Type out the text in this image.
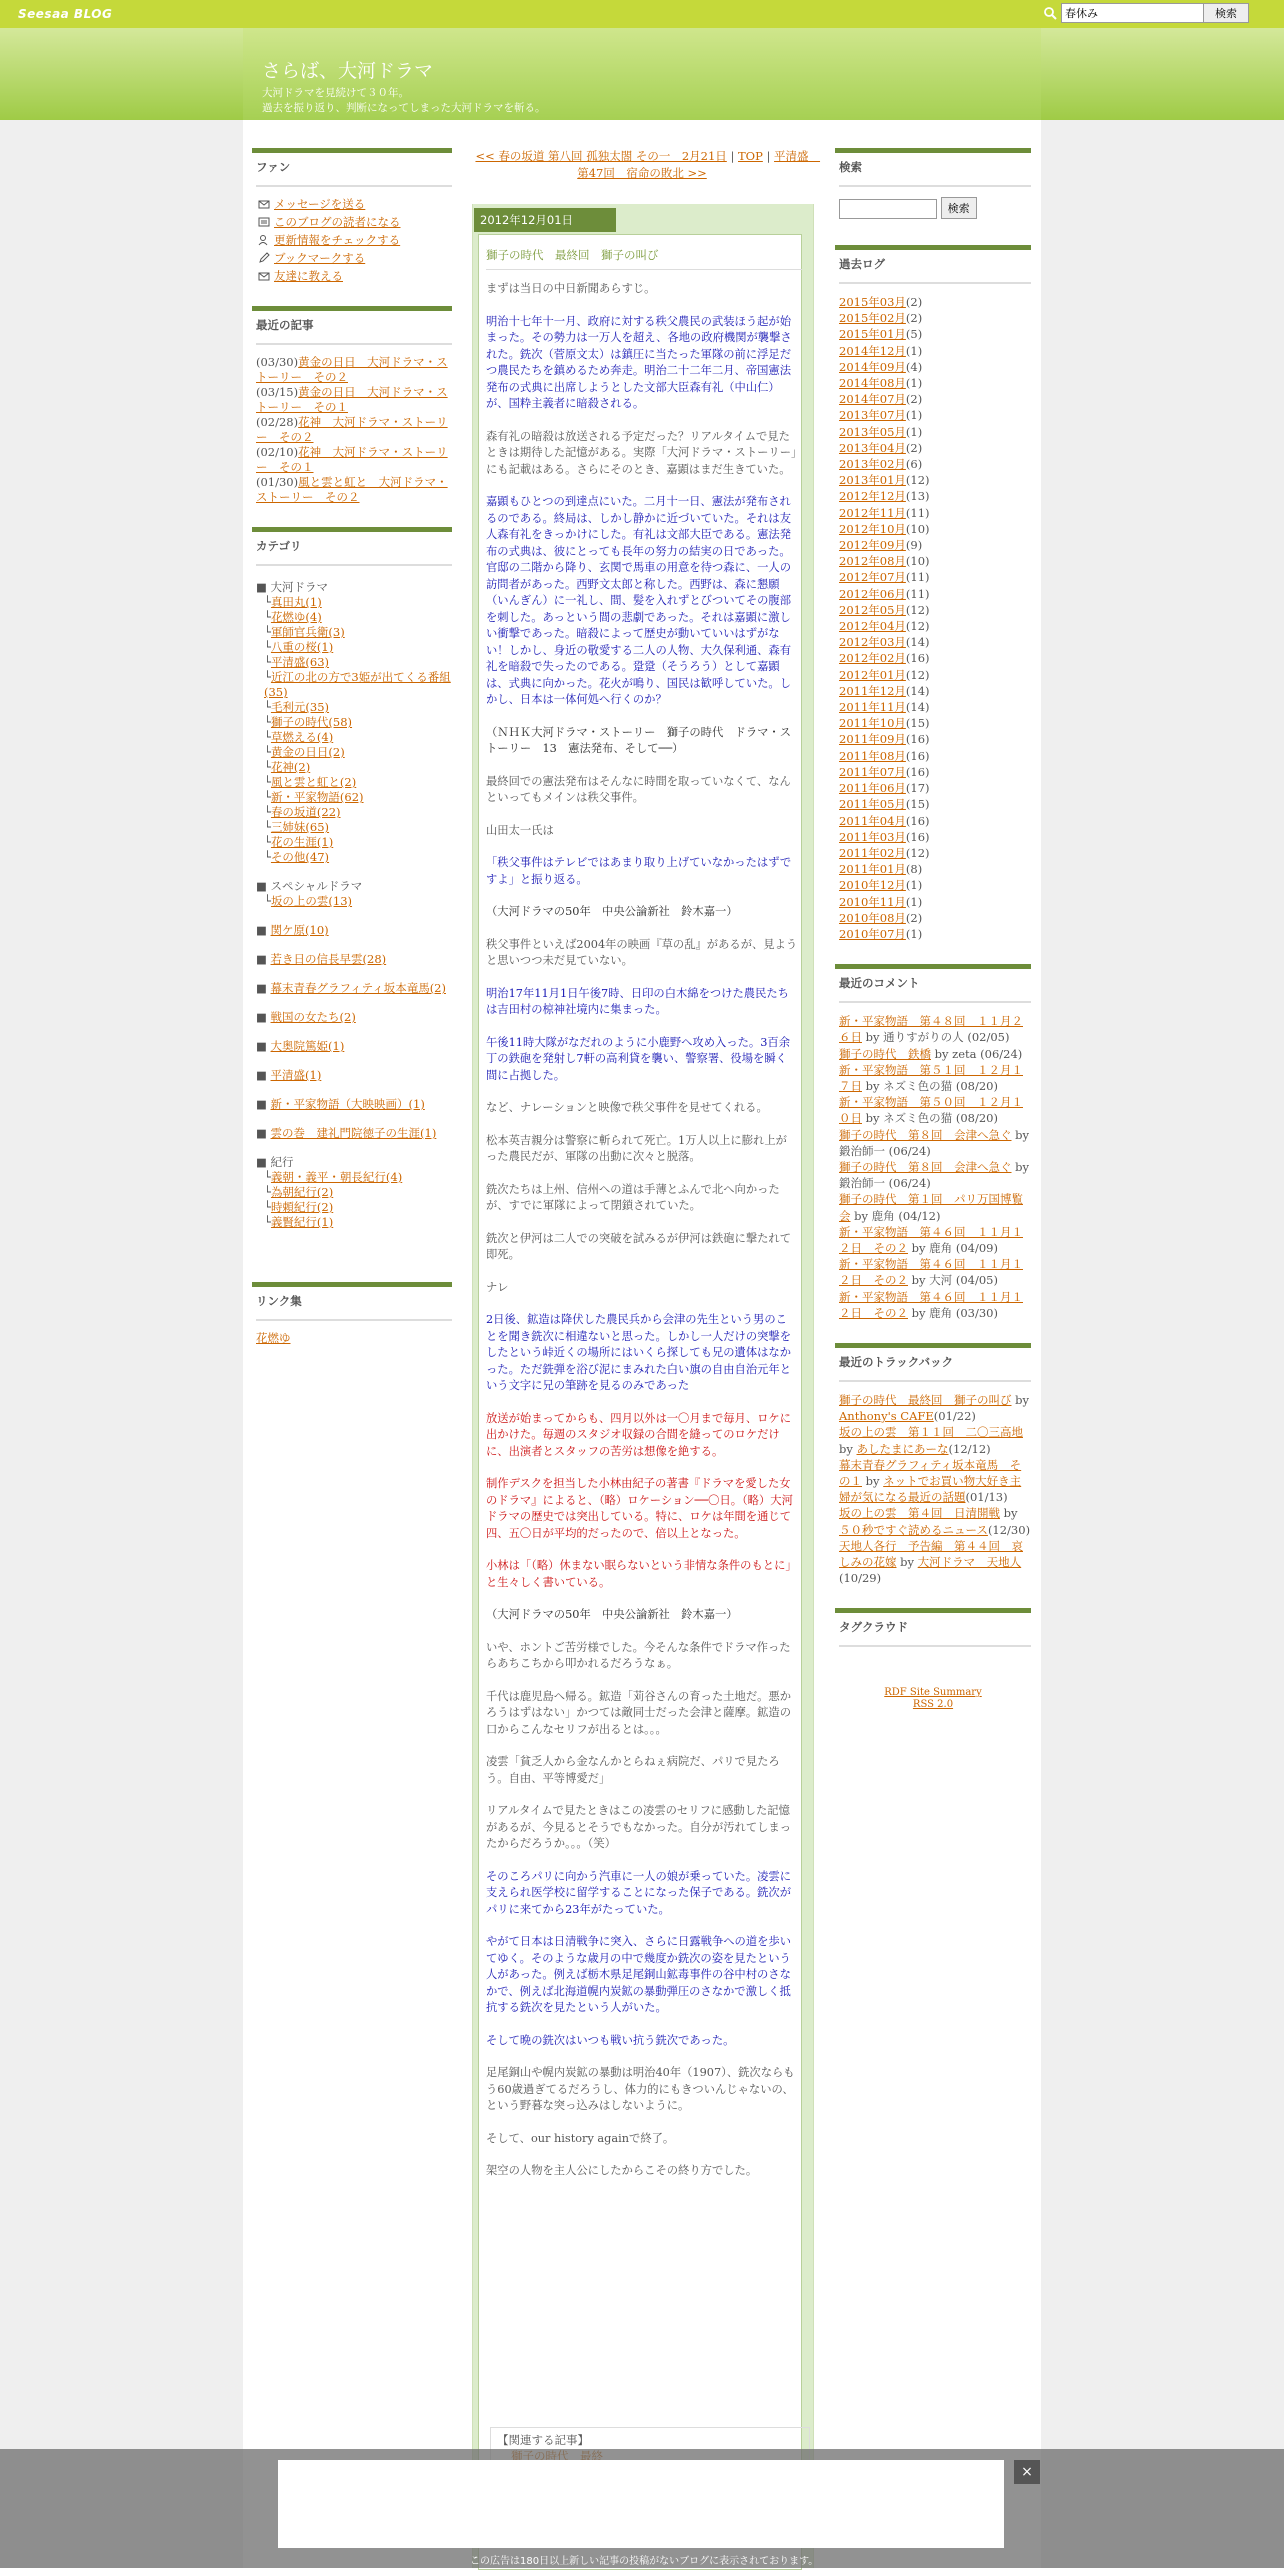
Seesaa BLOG
春休み	検索
さらば、大河ドラマ
大河ドラマを見続けて３０年。
過去を振り返り、判断になってしまった大河ドラマを斬る。
ファン
メッセージを送る
このブログの読者になる
更新情報をチェックする
ブックマークする
友達に教える
最近の記事
(03/30)黄金の日日　大河ドラマ・ストーリー　その２
(03/15)黄金の日日　大河ドラマ・ストーリー　その１
(02/28)花神　大河ドラマ・ストーリー　その２
(02/10)花神　大河ドラマ・ストーリー　その１
(01/30)風と雲と虹と　大河ドラマ・ストーリー　その２
カテゴリ
■ 大河ドラマ
└真田丸(1)
└花燃ゆ(4)
└軍師官兵衛(3)
└八重の桜(1)
└平清盛(63)
└近江の北の方で3姫が出てくる番組(35)
└毛利元(35)
└獅子の時代(58)
└草燃える(4)
└黄金の日日(2)
└花神(2)
└風と雲と虹と(2)
└新・平家物語(62)
└春の坂道(22)
└三姉妹(65)
└花の生涯(1)
└その他(47)
■ スペシャルドラマ
└坂の上の雲(13)
■ 関ケ原(10)
■ 若き日の信長早雲(28)
■ 幕末青春グラフィティ坂本竜馬(2)
■ 戦国の女たち(2)
■ 大奥院篤姫(1)
■ 平清盛(1)
■ 新・平家物語（大映映画）(1)
■ 雲の巻　建礼門院徳子の生涯(1)
■ 紀行
└義朝・義平・朝長紀行(4)
└為朝紀行(2)
└時頼紀行(2)
└義賢紀行(1)
リンク集
花燃ゆ
<< 春の坂道 第八回 孤独太閤 その一　2月21日 | TOP | 平清盛　第47回　宿命の敗北 >>
2012年12月01日
獅子の時代　最終回　獅子の叫び

まずは当日の中日新聞あらすじ。

明治十七年十一月、政府に対する秩父農民の武装ほう起が始まった。その勢力は一万人を超え、各地の政府機関が襲撃された。銑次（菅原文太）は鎮圧に当たった軍隊の前に浮足だつ農民たちを鎮めるため奔走。明治二十二年二月、帝国憲法発布の式典に出席しようとした文部大臣森有礼（中山仁）が、国粋主義者に暗殺される。

森有礼の暗殺は放送される予定だった？リアルタイムで見たときは期待した記憶がある。実際「大河ドラマ・ストーリー」にも記載はある。さらにそのとき、嘉顕はまだ生きていた。

嘉顕もひとつの到達点にいた。二月十一日、憲法が発布されるのである。終局は、しかし静かに近づいていた。それは友人森有礼をきっかけにした。有礼は文部大臣である。憲法発布の式典は、彼にとっても長年の努力の結実の日であった。官邸の二階から降り、玄関で馬車の用意を待つ森に、一人の訪問者があった。西野文太郎と称した。西野は、森に懇願（いんぎん）に一礼し、間、髪を入れずとびついてその腹部を刺した。あっという間の悲劇であった。それは嘉顕に激しい衝撃であった。暗殺によって歴史が動いていいはずがない！しかし、身近の敬愛する二人の人物、大久保利通、森有礼を暗殺で失ったのである。跫跫（そうろう）として嘉顕は、式典に向かった。花火が鳴り、国民は歓呼していた。しかし、日本は一体何処へ行くのか？

（ＮＨＫ大河ドラマ・ストーリー　獅子の時代　ドラマ・ストーリー　13　憲法発布、そして──）

最終回での憲法発布はそんなに時間を取っていなくて、なんといってもメインは秩父事件。

山田太一氏は

「秩父事件はテレビではあまり取り上げていなかったはずですよ」と振り返る。

（大河ドラマの50年　中央公論新社　鈴木嘉一）

秩父事件といえば2004年の映画『草の乱』があるが、見ようと思いつつ未だ見ていない。

明治17年11月1日午後7時、日印の白木綿をつけた農民たちは吉田村の椋神社境内に集まった。

午後11時大隊がなだれのように小鹿野へ攻め入った。3百余丁の鉄砲を発射し7軒の高利貸を襲い、警察署、役場を瞬く間に占拠した。

など、ナレーションと映像で秩父事件を見せてくれる。

松本英吉親分は警察に斬られて死亡。1万人以上に膨れ上がった農民だが、軍隊の出動に次々と脱落。

銑次たちは上州、信州への道は手薄とふんで北へ向かったが、すでに軍隊によって閉鎖されていた。

銑次と伊河は二人での突破を試みるが伊河は鉄砲に撃たれて即死。

ナレ

2日後、鉱造は降伏した農民兵から会津の先生という男のことを聞き銑次に相違ないと思った。しかし一人だけの突撃をしたという峠近くの場所にはいくら探しても兄の遺体はなかった。ただ銑弾を浴び泥にまみれた白い旗の自由自治元年という文字に兄の筆跡を見るのみであった

放送が始まってからも、四月以外は一〇月まで毎月、ロケに出かけた。毎週のスタジオ収録の合間を縫ってのロケだけに、出演者とスタッフの苦労は想像を絶する。

制作デスクを担当した小林由紀子の著書『ドラマを愛した女のドラマ』によると、（略）ロケーション──〇日。（略）大河ドラマの歴史では突出している。特に、ロケは年間を通じて四、五〇日が平均的だったので、倍以上となった。

小林は「（略）休まない眠らないという非情な条件のもとに」と生々しく書いている。

（大河ドラマの50年　中央公論新社　鈴木嘉一）

いや、ホントご苦労様でした。今そんな条件でドラマ作ったらあちこちから叩かれるだろうなぁ。

千代は鹿児島へ帰る。鉱造「苅谷さんの育った土地だ。悪かろうはずはない」かつては敵同士だった会津と薩摩。鉱造の口からこんなセリフが出るとは。。。

凌雲「貧乏人から金なんかとらねぇ病院だ、パリで見たろう。自由、平等博愛だ」

リアルタイムで見たときはこの凌雲のセリフに感動した記憶があるが、今見るとそうでもなかった。自分が汚れてしまったからだろうか。。。（笑）

そのころパリに向かう汽車に一人の娘が乗っていた。凌雲に支えられ医学校に留学することになった保子である。銑次がパリに来てから23年がたっていた。

やがて日本は日清戦争に突入、さらに日露戦争への道を歩いてゆく。そのような歳月の中で幾度か銑次の姿を見たという人があった。例えば栃木県足尾銅山鉱毒事件の谷中村のさなかで、例えば北海道幌内炭鉱の暴動弾圧のさなかで激しく抵抗する銑次を見たという人がいた。

そして晩の銑次はいつも戦い抗う銑次であった。

足尾銅山や幌内炭鉱の暴動は明治40年（1907）、銑次ならもう60歳過ぎてるだろうし、体力的にもきついんじゃないの、という野暮な突っ込みはしないように。

そして、our history againで終了。

架空の人物を主人公にしたからこその終り方でした。

【関連する記事】
検索
検索
過去ログ
2015年03月(2)
2015年02月(2)
2015年01月(5)
2014年12月(1)
2014年09月(4)
2014年08月(1)
2014年07月(2)
2013年07月(1)
2013年05月(1)
2013年04月(2)
2013年02月(6)
2013年01月(12)
2012年12月(13)
2012年11月(11)
2012年10月(10)
2012年09月(9)
2012年08月(10)
2012年07月(11)
2012年06月(11)
2012年05月(12)
2012年04月(12)
2012年03月(14)
2012年02月(16)
2012年01月(12)
2011年12月(14)
2011年11月(14)
2011年10月(15)
2011年09月(16)
2011年08月(16)
2011年07月(16)
2011年06月(17)
2011年05月(15)
2011年04月(16)
2011年03月(16)
2011年02月(12)
2011年01月(8)
2010年12月(1)
2010年11月(1)
2010年08月(2)
2010年07月(1)
最近のコメント
新・平家物語　第４８回　１１月２６日 by 通りすがりの人 (02/05)
獅子の時代　鉄橋 by zeta (06/24)
新・平家物語　第５１回　１２月１７日 by ネズミ色の猫 (08/20)
新・平家物語　第５０回　１２月１０日 by ネズミ色の猫 (08/20)
獅子の時代　第８回　会津へ急ぐ by 鍛治師一 (06/24)
獅子の時代　第８回　会津へ急ぐ by 鍛治師一 (06/24)
獅子の時代　第１回　パリ万国博覧会 by 鹿角 (04/12)
新・平家物語　第４６回　１１月１２日　その２ by 鹿角 (04/09)
新・平家物語　第４６回　１１月１２日　その２ by 大河 (04/05)
新・平家物語　第４６回　１１月１２日　その２ by 鹿角 (03/30)
最近のトラックバック
獅子の時代　最終回　獅子の叫び by Anthony's CAFE(01/22)
坂の上の雲　第１１回　二〇三高地 by あしたまにあーな(12/12)
幕末青春グラフィティ坂本竜馬　その１ by ネットでお買い物大好き主婦が気になる最近の話題(01/13)
坂の上の雲　第４回　日清開戦 by ５０秒ですぐ読めるニュース(12/30)
天地人各行　予告編　第４４回　哀しみの花嫁 by 大河ドラマ　天地人(10/29)
タグクラウド
RDF Site Summary
RSS 2.0
×
この広告は180日以上新しい記事の投稿がないブログに表示されております。
